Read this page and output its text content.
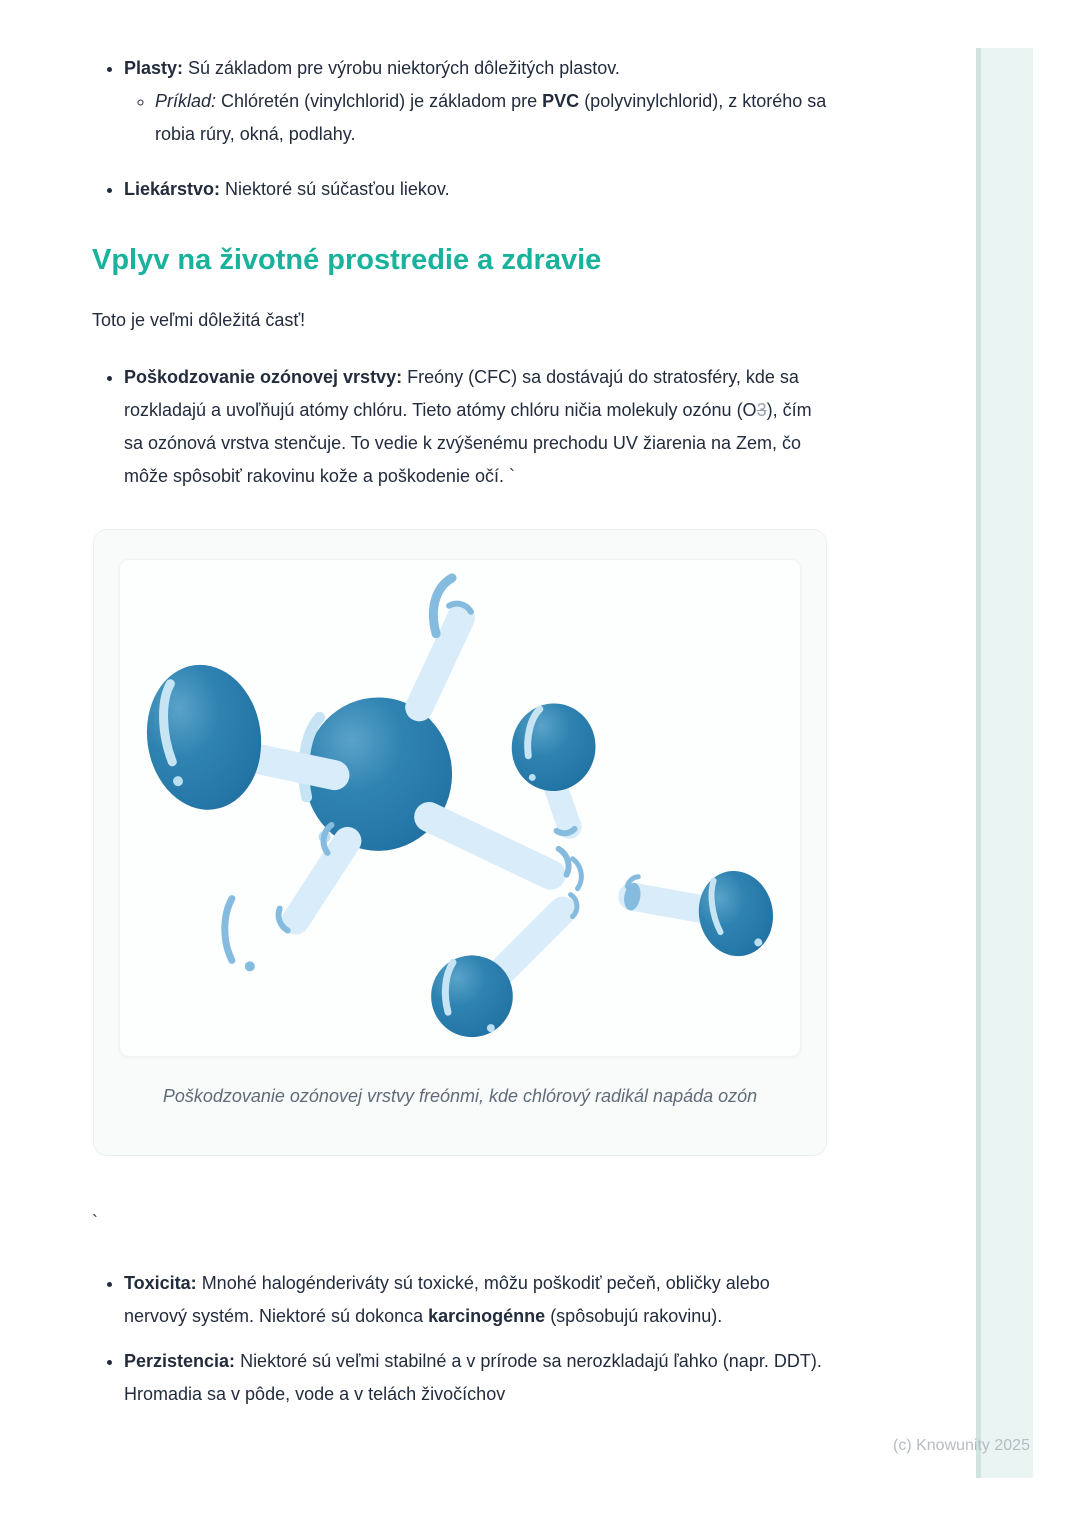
• Plasty: Sú základom pre výrobu niektorých dôležitých plastov.

◦ Príklad: Chlóretén (vinylchlorid) je základom pre PVC (polyvinylchlorid), z ktorého sa robia rúry, okná, podlahy.

• Liekárstvo: Niektoré sú súčasťou liekov.

Vplyv na životné prostredie a zdravie

Toto je veľmi dôležitá časť!

• Poškodzovanie ozónovej vrstvy: Freóny (CFC) sa dostávajú do stratosféry, kde sa rozkladajú a uvoľňujú atómy chlóru. Tieto atómy chlóru ničia molekuly ozónu (O3), čím sa ozónová vrstva stenčuje. To vedie k zvýšenému prechodu UV žiarenia na Zem, čo môže spôsobiť rakovinu kože a poškodenie očí. `

Poškodzovanie ozónovej vrstvy freónmi, kde chlórový radikál napáda ozón

`

• Toxicita: Mnohé halogénderiváty sú toxické, môžu poškodiť pečeň, obličky alebo nervový systém. Niektoré sú dokonca karcinogénne (spôsobujú rakovinu).

• Perzistencia: Niektoré sú veľmi stabilné a v prírode sa nerozkladajú ľahko (napr. DDT). Hromadia sa v pôde, vode a v telách živočíchov

(c) Knowunity 2025
